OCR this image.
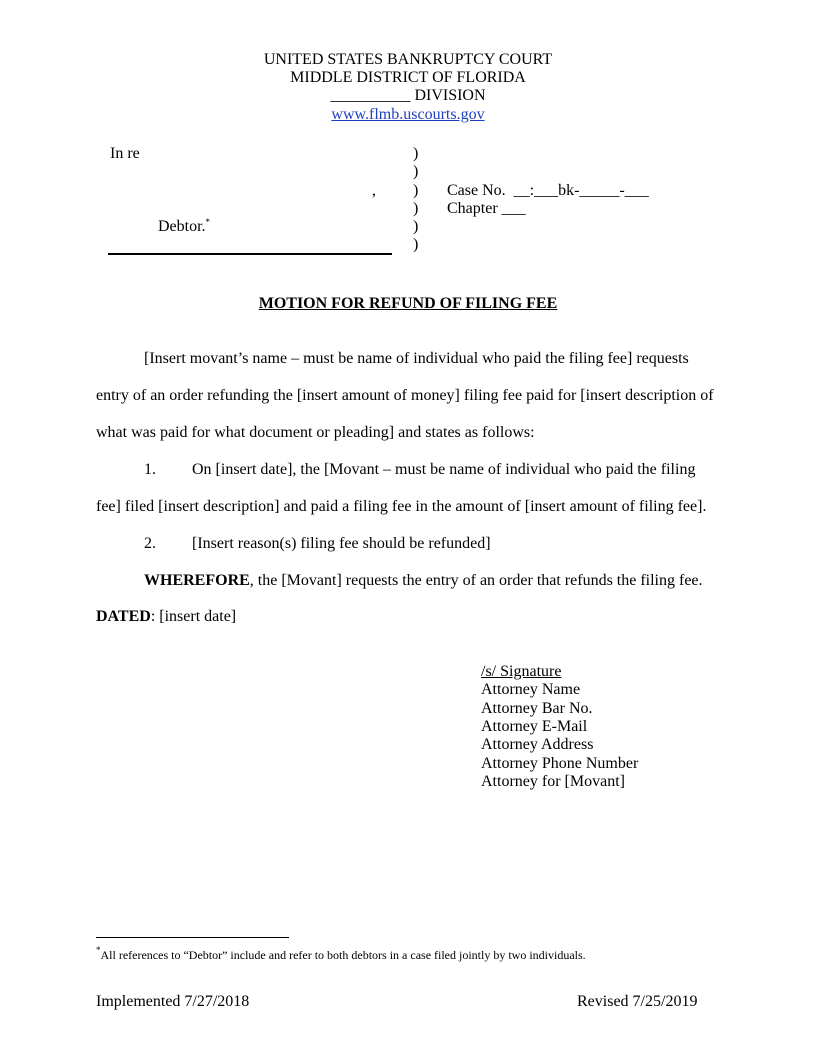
UNITED STATES BANKRUPTCY COURT
MIDDLE DISTRICT OF FLORIDA
__________ DIVISION
www.flmb.uscourts.gov
In re
,
Debtor.*
)
)
)
)
)
)
Case No.  __:___bk-_____-___
Chapter ___
MOTION FOR REFUND OF FILING FEE
[Insert movant’s name – must be name of individual who paid the filing fee] requests
entry of an order refunding the [insert amount of money] filing fee paid for [insert description of
what was paid for what document or pleading] and states as follows:
1. On [insert date], the [Movant – must be name of individual who paid the filing
fee] filed [insert description] and paid a filing fee in the amount of [insert amount of filing fee].
2. [Insert reason(s) filing fee should be refunded]
WHEREFORE, the [Movant] requests the entry of an order that refunds the filing fee.
DATED: [insert date]
/s/ Signature
Attorney Name
Attorney Bar No.
Attorney E-Mail
Attorney Address
Attorney Phone Number
Attorney for [Movant]
*All references to “Debtor” include and refer to both debtors in a case filed jointly by two individuals.
Implemented 7/27/2018	Revised 7/25/2019
